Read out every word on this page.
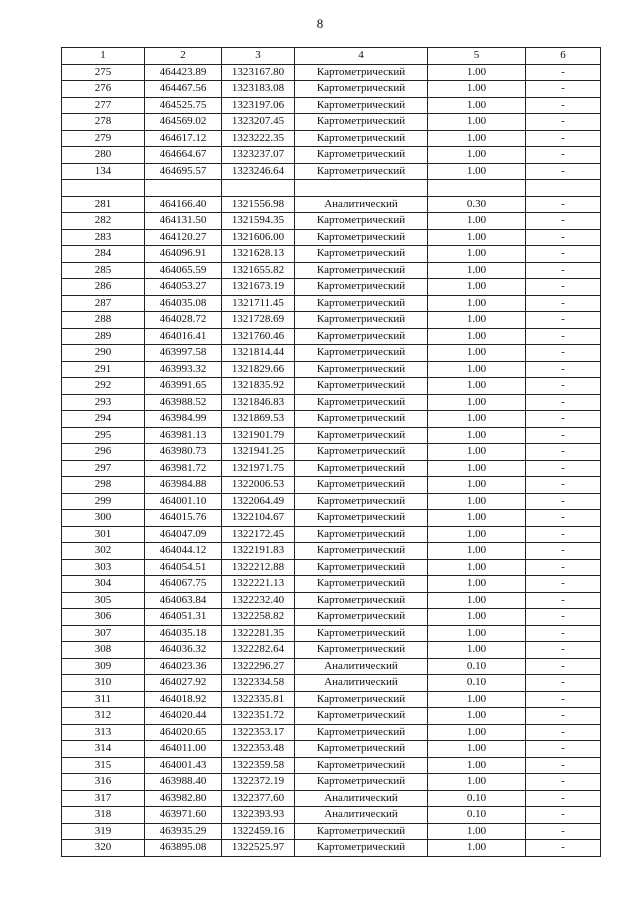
8
1	2	3	4	5	6
275	464423.89	1323167.80	Картометрический	1.00	-
276	464467.56	1323183.08	Картометрический	1.00	-
277	464525.75	1323197.06	Картометрический	1.00	-
278	464569.02	1323207.45	Картометрический	1.00	-
279	464617.12	1323222.35	Картометрический	1.00	-
280	464664.67	1323237.07	Картометрический	1.00	-
134	464695.57	1323246.64	Картометрический	1.00	-

281	464166.40	1321556.98	Аналитический	0.30	-
282	464131.50	1321594.35	Картометрический	1.00	-
283	464120.27	1321606.00	Картометрический	1.00	-
284	464096.91	1321628.13	Картометрический	1.00	-
285	464065.59	1321655.82	Картометрический	1.00	-
286	464053.27	1321673.19	Картометрический	1.00	-
287	464035.08	1321711.45	Картометрический	1.00	-
288	464028.72	1321728.69	Картометрический	1.00	-
289	464016.41	1321760.46	Картометрический	1.00	-
290	463997.58	1321814.44	Картометрический	1.00	-
291	463993.32	1321829.66	Картометрический	1.00	-
292	463991.65	1321835.92	Картометрический	1.00	-
293	463988.52	1321846.83	Картометрический	1.00	-
294	463984.99	1321869.53	Картометрический	1.00	-
295	463981.13	1321901.79	Картометрический	1.00	-
296	463980.73	1321941.25	Картометрический	1.00	-
297	463981.72	1321971.75	Картометрический	1.00	-
298	463984.88	1322006.53	Картометрический	1.00	-
299	464001.10	1322064.49	Картометрический	1.00	-
300	464015.76	1322104.67	Картометрический	1.00	-
301	464047.09	1322172.45	Картометрический	1.00	-
302	464044.12	1322191.83	Картометрический	1.00	-
303	464054.51	1322212.88	Картометрический	1.00	-
304	464067.75	1322221.13	Картометрический	1.00	-
305	464063.84	1322232.40	Картометрический	1.00	-
306	464051.31	1322258.82	Картометрический	1.00	-
307	464035.18	1322281.35	Картометрический	1.00	-
308	464036.32	1322282.64	Картометрический	1.00	-
309	464023.36	1322296.27	Аналитический	0.10	-
310	464027.92	1322334.58	Аналитический	0.10	-
311	464018.92	1322335.81	Картометрический	1.00	-
312	464020.44	1322351.72	Картометрический	1.00	-
313	464020.65	1322353.17	Картометрический	1.00	-
314	464011.00	1322353.48	Картометрический	1.00	-
315	464001.43	1322359.58	Картометрический	1.00	-
316	463988.40	1322372.19	Картометрический	1.00	-
317	463982.80	1322377.60	Аналитический	0.10	-
318	463971.60	1322393.93	Аналитический	0.10	-
319	463935.29	1322459.16	Картометрический	1.00	-
320	463895.08	1322525.97	Картометрический	1.00	-
